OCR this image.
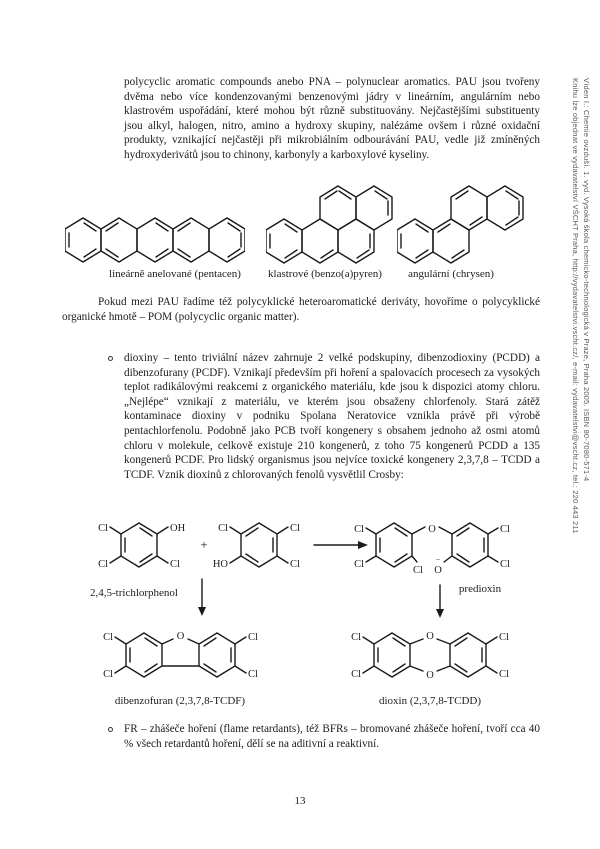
Víden I.: Chemie ovzduší. 1. vyd. Vysoká škola chemicko-technologická v Praze, Praha 2005. ISBN 80-7080-571-4
Knihu lze objednat ve vydavatelství VŠCHT Praha, http://vydavatelstvi.vscht.cz/, e-mail: vydavatelstvi@vscht.cz, tel.: 220 443 211
polycyclic aromatic compounds anebo PNA – polynuclear aromatics. PAU jsou tvořeny dvěma nebo více kondenzovanými benzenovými jádry v lineárním, angulárním nebo klastrovém uspořádání, které mohou být různě substituovány. Nejčastějšími substituenty jsou alkyl, halogen, nitro, amino a hydroxy skupiny, nalézáme ovšem i různé oxidační produkty, vznikající nejčastěji při mikrobiálním odbourávání PAU, vedle již zmíněných hydroxyderivátů jsou to chinony, karbonyly a karboxylové kyseliny.
lineárně anelované (pentacen)	klastrové (benzo(a)pyren)	angulární (chrysen)
Pokud mezi PAU řadíme též polycyklické heteroaromatické deriváty, hovoříme o polycyklické organické hmotě – POM (polycyclic organic matter).
dioxiny – tento triviální název zahrnuje 2 velké podskupiny, dibenzodioxiny (PCDD) a dibenzofurany (PCDF). Vznikají především při hoření a spalovacích procesech za vysokých teplot radikálovými reakcemi z organického materiálu, kde jsou k dispozici atomy chloru. „Nejlépe“ vznikají z materiálu, ve kterém jsou obsaženy chlorfenoly. Stará zátěž kontaminace dioxiny v podniku Spolana Neratovice vznikla právě při výrobě pentachlorfenolu. Podobně jako PCB tvoří kongenery s obsahem jednoho až osmi atomů chloru v molekule, celkově existuje 210 kongenerů, z toho 75 kongenerů PCDD a 135 kongenerů PCDF. Pro lidský organismus jsou nejvíce toxické kongenery 2,3,7,8 – TCDD a TCDF. Vznik dioxinů z chlorovaných fenolů vysvětlil Crosby:
Cl	OH
Cl	Cl
+
Cl	Cl
HO	Cl
O
Cl O
−
Cl
Cl
Cl
Cl
2,4,5-trichlorphenol	predioxin
O
Cl
Cl
Cl
Cl
dibenzofuran (2,3,7,8-TCDF)
O
O
Cl
Cl
Cl
Cl
dioxin (2,3,7,8-TCDD)
FR – zhášeče hoření (flame retardants), též BFRs – bromované zhášeče hoření, tvoří cca 40 % všech retardantů hoření, dělí se na aditivní a reaktivní.
13
